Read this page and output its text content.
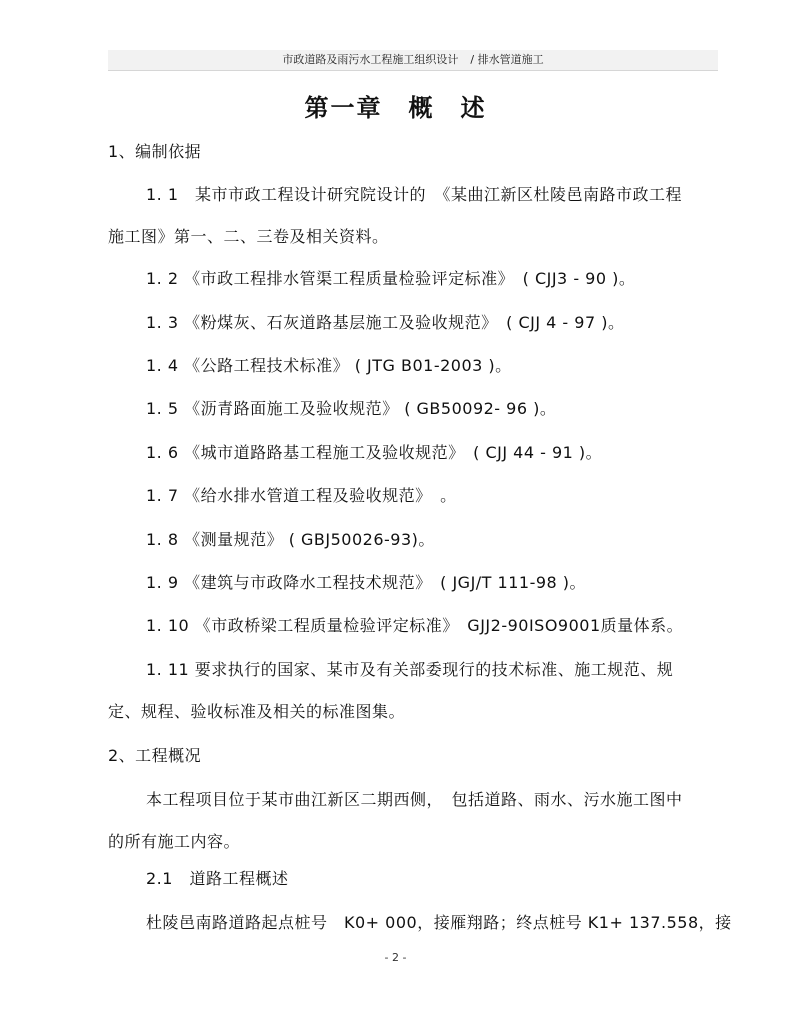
市政道路及雨污水工程施工组织设计 / 排水管道施工
第一章　概　述
1、编制依据
1. 1　某市市政工程设计研究院设计的　《某曲江新区杜陵邑南路市政工程
施工图》第一、二、三卷及相关资料。
1. 2 《市政工程排水管渠工程质量检验评定标准》　( CJJ3 - 90 )。
1. 3 《粉煤灰、石灰道路基层施工及验收规范》　( CJJ 4 - 97 )。
1. 4 《公路工程技术标准》 ( JTG B01-2003 )。
1. 5 《沥青路面施工及验收规范》 ( GB50092- 96 )。
1. 6 《城市道路路基工程施工及验收规范》　( CJJ 44 - 91 )。
1. 7 《给水排水管道工程及验收规范》　。
1. 8 《测量规范》 ( GBJ50026-93)。
1. 9 《建筑与市政降水工程技术规范》　( JGJ/T 111-98 )。
1. 10 《市政桥梁工程质量检验评定标准》　GJJ2-90ISO9001质量体系。
1. 11 要求执行的国家、某市及有关部委现行的技术标准、施工规范、规
定、规程、验收标准及相关的标准图集。
2、工程概况
本工程项目位于某市曲江新区二期西侧，　包括道路、雨水、污水施工图中
的所有施工内容。
2.1　道路工程概述
杜陵邑南路道路起点桩号　K0+ 000，接雁翔路；终点桩号 K1+ 137.558，接
- 2 -
